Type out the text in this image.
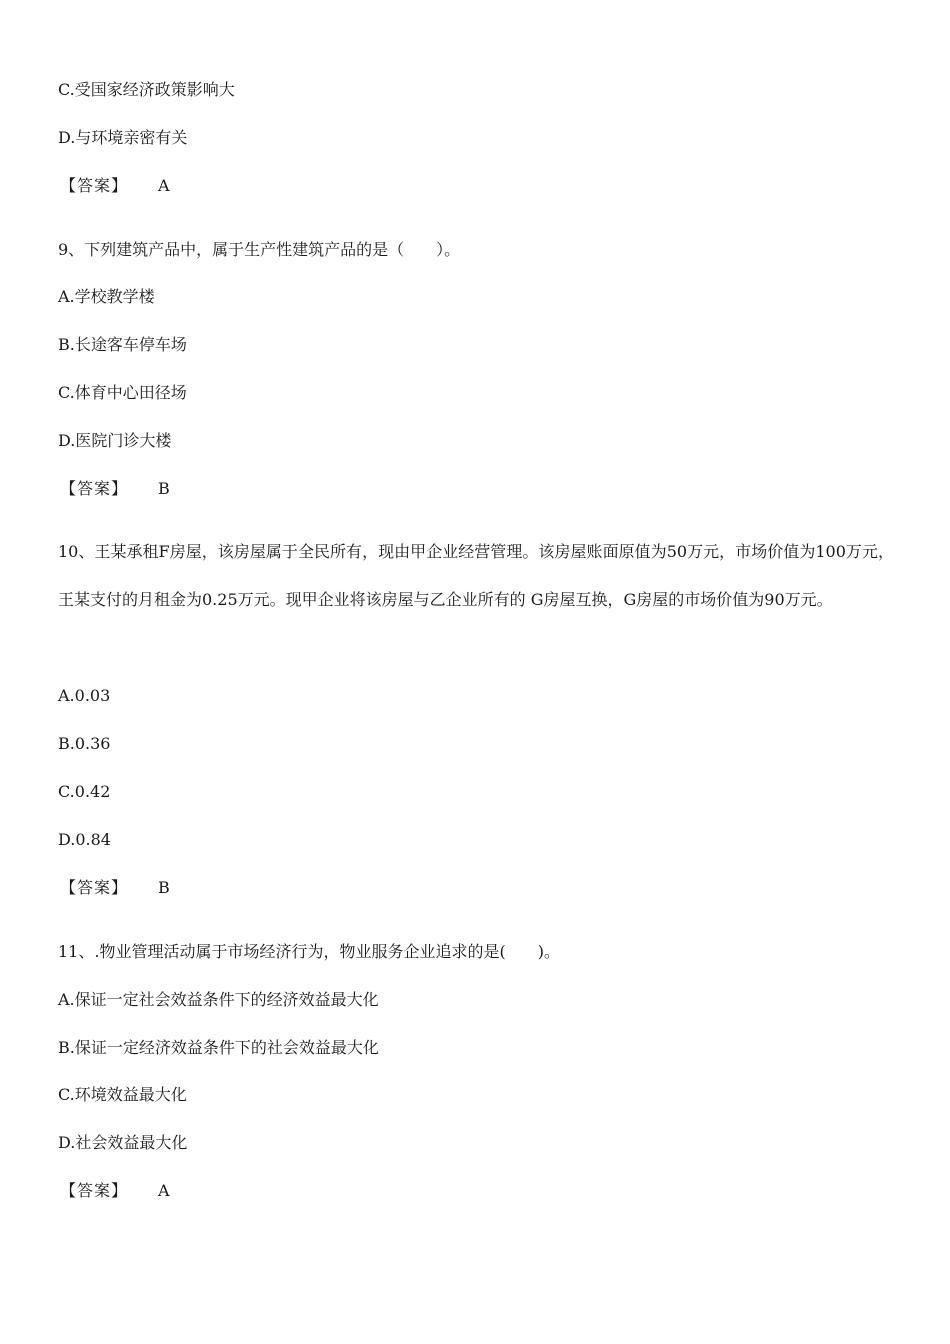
C.受国家经济政策影响大
D.与环境亲密有关
【答案】 A
9、下列建筑产品中，属于生产性建筑产品的是（　　）。
A.学校教学楼
B.长途客车停车场
C.体育中心田径场
D.医院门诊大楼
【答案】 B
10、王某承租F房屋，该房屋属于全民所有，现由甲企业经营管理。该房屋账面原值为50万元，市场价值为100万元，王某支付的月租金为0.25万元。现甲企业将该房屋与乙企业所有的 G房屋互换，G房屋的市场价值为90万元。
A.0.03
B.0.36
C.0.42
D.0.84
【答案】 B
11、.物业管理活动属于市场经济行为，物业服务企业追求的是(　　)。
A.保证一定社会效益条件下的经济效益最大化
B.保证一定经济效益条件下的社会效益最大化
C.环境效益最大化
D.社会效益最大化
【答案】 A
